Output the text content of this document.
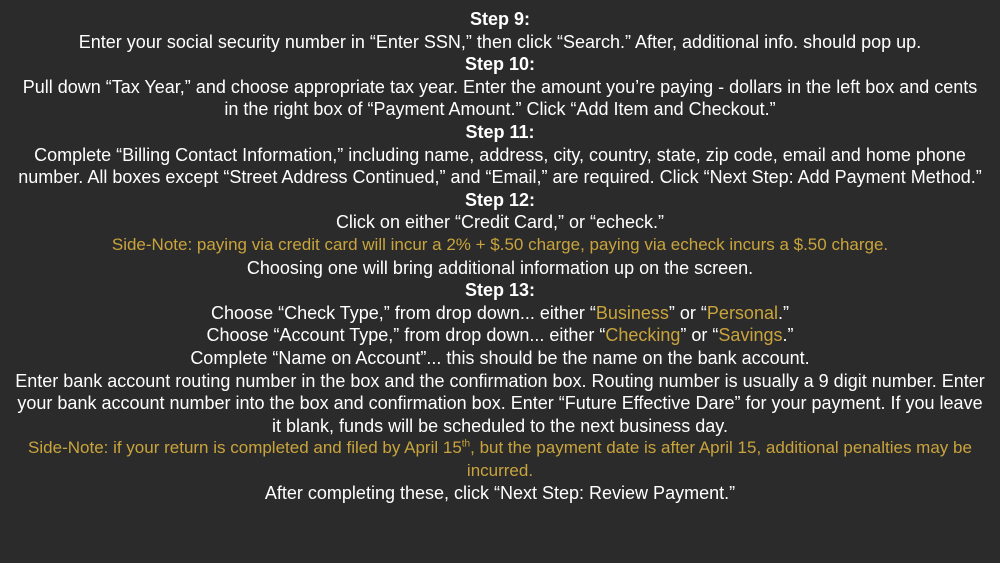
Step 9:
Enter your social security number in “Enter SSN,” then click “Search.” After, additional info. should pop up.
Step 10:
Pull down “Tax Year,” and choose appropriate tax year. Enter the amount you’re paying - dollars in the left box and cents in the right box of “Payment Amount.” Click “Add Item and Checkout.”
Step 11:
Complete “Billing Contact Information,” including name, address, city, country, state, zip code, email and home phone number. All boxes except “Street Address Continued,” and “Email,” are required. Click “Next Step: Add Payment Method.”
Step 12:
Click on either “Credit Card,” or “echeck.”
Side-Note: paying via credit card will incur a 2% + $.50 charge, paying via echeck incurs a $.50 charge.
Choosing one will bring additional information up on the screen.
Step 13:
Choose “Check Type,” from drop down... either “Business” or “Personal.”
Choose “Account Type,” from drop down... either “Checking” or “Savings.”
Complete “Name on Account”... this should be the name on the bank account.
Enter bank account routing number in the box and the confirmation box. Routing number is usually a 9 digit number. Enter your bank account number into the box and confirmation box. Enter “Future Effective Dare” for your payment. If you leave it blank, funds will be scheduled to the next business day.
Side-Note: if your return is completed and filed by April 15th, but the payment date is after April 15, additional penalties may be incurred.
After completing these, click “Next Step: Review Payment.”
